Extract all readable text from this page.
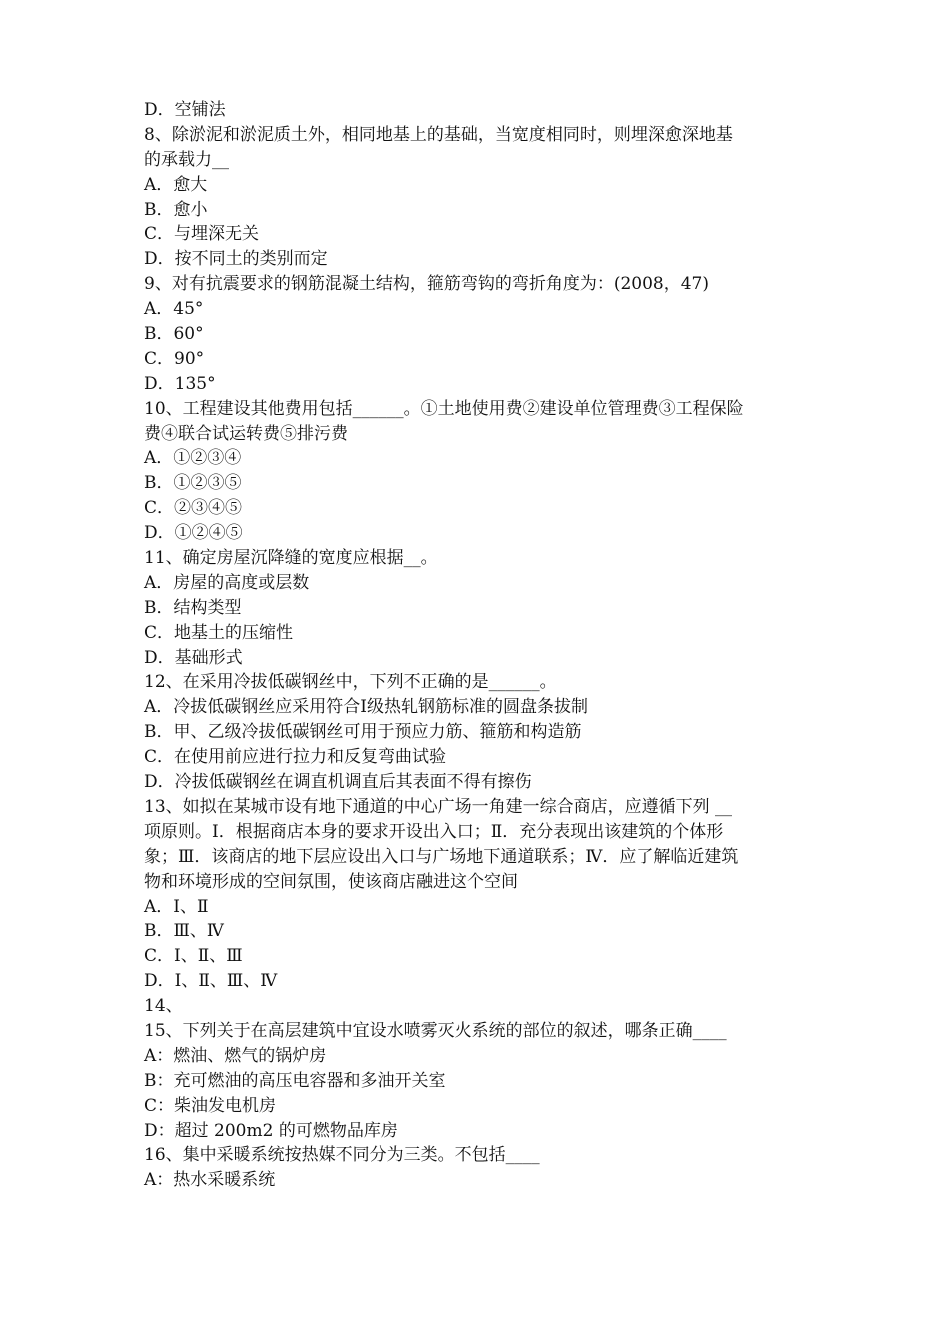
D．空铺法
8、除淤泥和淤泥质土外，相同地基上的基础，当宽度相同时，则埋深愈深地基
的承载力__
A．愈大
B．愈小
C．与埋深无关
D．按不同土的类别而定
9、对有抗震要求的钢筋混凝土结构，箍筋弯钩的弯折角度为：(2008，47)
A．45°
B．60°
C．90°
D．135°
10、工程建设其他费用包括______。①土地使用费②建设单位管理费③工程保险
费④联合试运转费⑤排污费
A．①②③④
B．①②③⑤
C．②③④⑤
D．①②④⑤
11、确定房屋沉降缝的宽度应根据__。
A．房屋的高度或层数
B．结构类型
C．地基土的压缩性
D．基础形式
12、在采用冷拔低碳钢丝中，下列不正确的是______。
A．冷拔低碳钢丝应采用符合Ⅰ级热轧钢筋标准的圆盘条拔制
B．甲、乙级冷拔低碳钢丝可用于预应力筋、箍筋和构造筋
C．在使用前应进行拉力和反复弯曲试验
D．冷拔低碳钢丝在调直机调直后其表面不得有擦伤
13、如拟在某城市设有地下通道的中心广场一角建一综合商店，应遵循下列 __
项原则。Ⅰ．根据商店本身的要求开设出入口；Ⅱ．充分表现出该建筑的个体形
象；Ⅲ．该商店的地下层应设出入口与广场地下通道联系；Ⅳ．应了解临近建筑
物和环境形成的空间氛围，使该商店融进这个空间
A．Ⅰ、Ⅱ
B．Ⅲ、Ⅳ
C．Ⅰ、Ⅱ、Ⅲ
D．Ⅰ、Ⅱ、Ⅲ、Ⅳ
14、
15、下列关于在高层建筑中宜设水喷雾灭火系统的部位的叙述，哪条正确____
A：燃油、燃气的锅炉房
B：充可燃油的高压电容器和多油开关室
C：柴油发电机房
D：超过 200m2 的可燃物品库房
16、集中采暖系统按热媒不同分为三类。不包括____
A：热水采暖系统
